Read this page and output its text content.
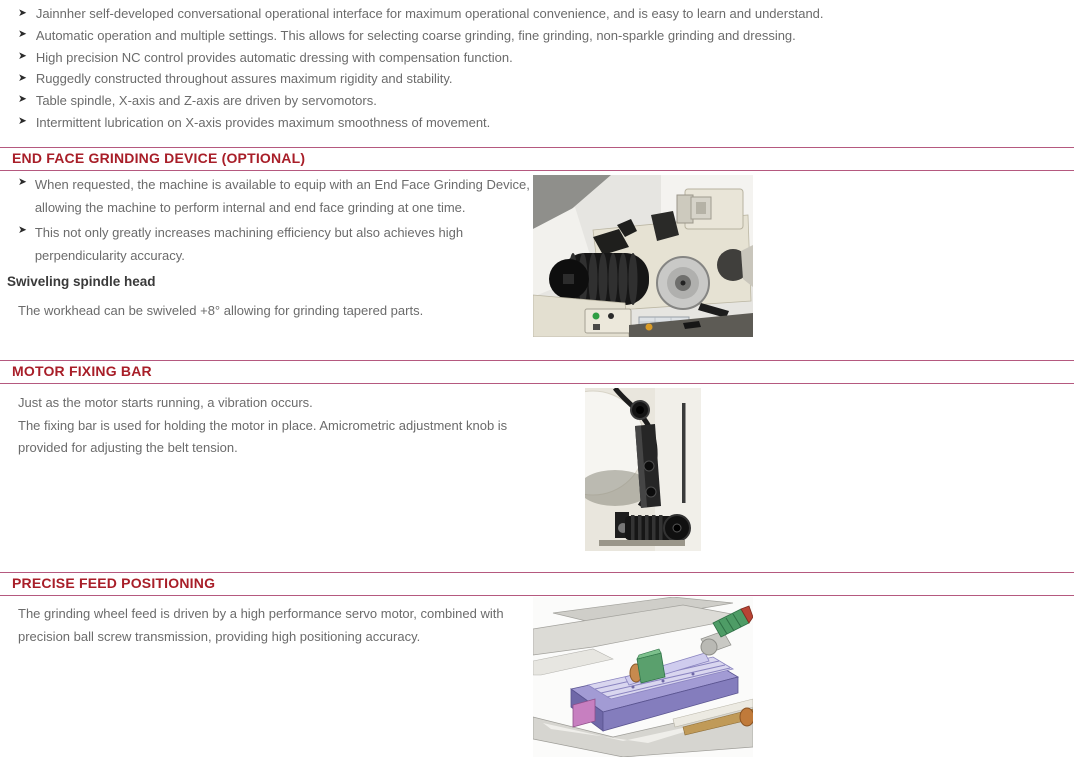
➤ Jainnher self-developed conversational operational interface for maximum operational convenience, and is easy to learn and understand.
➤ Automatic operation and multiple settings. This allows for selecting coarse grinding, fine grinding, non-sparkle grinding and dressing.
➤ High precision NC control provides automatic dressing with compensation function.
➤ Ruggedly constructed throughout assures maximum rigidity and stability.
➤ Table spindle, X-axis and Z-axis are driven by servomotors.
➤ Intermittent lubrication on X-axis provides maximum smoothness of movement.
END FACE GRINDING DEVICE (OPTIONAL)
➤ When requested, the machine is available to equip with an End Face Grinding Device, allowing the machine to perform internal and end face grinding at one time.
➤ This not only greatly increases machining efficiency but also achieves high perpendicularity accuracy.
Swiveling spindle head

The workhead can be swiveled +8° allowing for grinding tapered parts.

MOTOR FIXING BAR

Just as the motor starts running, a vibration occurs.

The fixing bar is used for holding the motor in place. Amicrometric adjustment knob is provided for adjusting the belt tension.

PRECISE FEED POSITIONING

The grinding wheel feed is driven by a high performance servo motor, combined with precision ball screw transmission, providing high positioning accuracy.
